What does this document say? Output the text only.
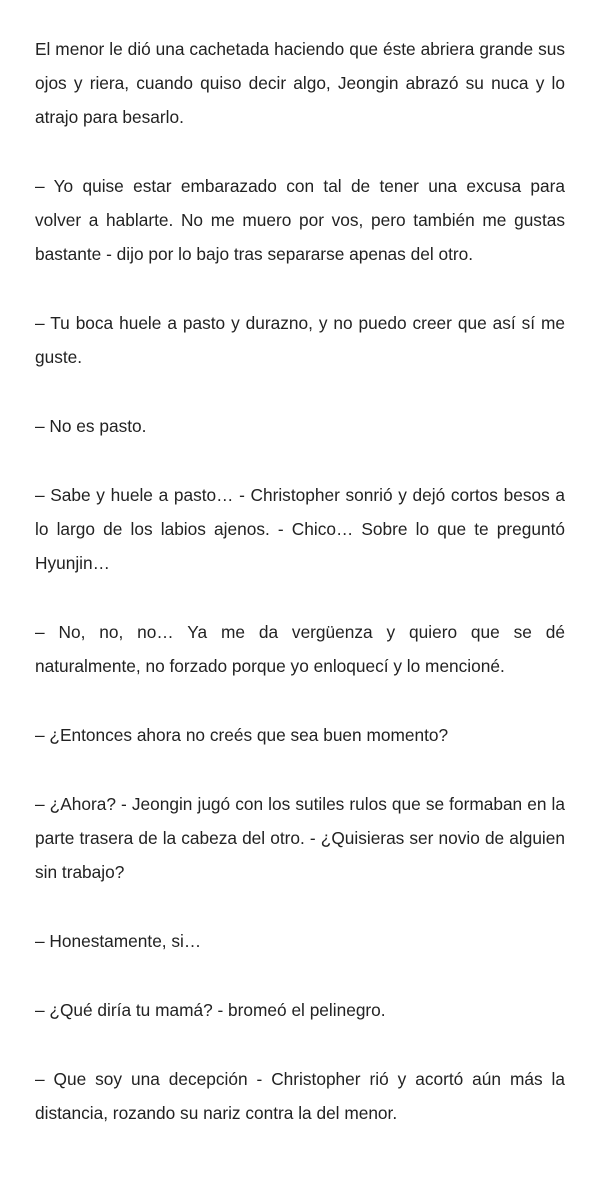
El menor le dió una cachetada haciendo que éste abriera grande sus ojos y riera, cuando quiso decir algo, Jeongin abrazó su nuca y lo atrajo para besarlo.

– Yo quise estar embarazado con tal de tener una excusa para volver a hablarte. No me muero por vos, pero también me gustas bastante - dijo por lo bajo tras separarse apenas del otro.

– Tu boca huele a pasto y durazno, y no puedo creer que así sí me guste.

– No es pasto.

– Sabe y huele a pasto… - Christopher sonrió y dejó cortos besos a lo largo de los labios ajenos. - Chico… Sobre lo que te preguntó Hyunjin…

– No, no, no… Ya me da vergüenza y quiero que se dé naturalmente, no forzado porque yo enloquecí y lo mencioné.

– ¿Entonces ahora no creés que sea buen momento?

– ¿Ahora? - Jeongin jugó con los sutiles rulos que se formaban en la parte trasera de la cabeza del otro. - ¿Quisieras ser novio de alguien sin trabajo?

– Honestamente, si…

– ¿Qué diría tu mamá? - bromeó el pelinegro.

– Que soy una decepción - Christopher rió y acortó aún más la distancia, rozando su nariz contra la del menor.
